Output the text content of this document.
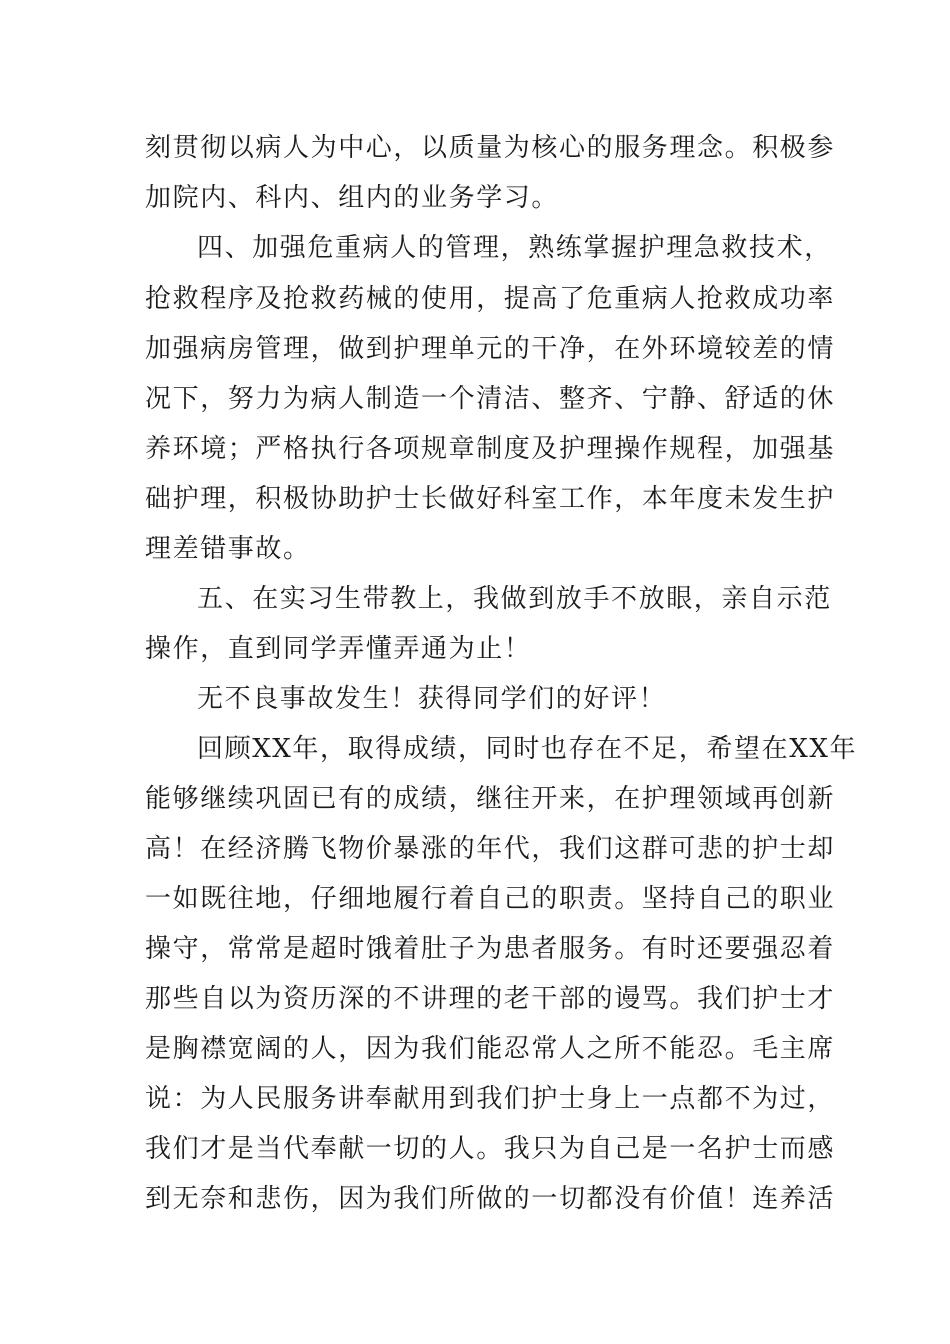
刻贯彻以病人为中心，以质量为核心的服务理念。积极参
加院内、科内、组内的业务学习。
四、加强危重病人的管理，熟练掌握护理急救技术，
抢救程序及抢救药械的使用，提高了危重病人抢救成功率
加强病房管理，做到护理单元的干净，在外环境较差的情
况下，努力为病人制造一个清洁、整齐、宁静、舒适的休
养环境；严格执行各项规章制度及护理操作规程，加强基
础护理，积极协助护士长做好科室工作，本年度未发生护
理差错事故。
五、在实习生带教上，我做到放手不放眼，亲自示范
操作，直到同学弄懂弄通为止！
无不良事故发生！获得同学们的好评！
回顾XX年，取得成绩，同时也存在不足，希望在XX年
能够继续巩固已有的成绩，继往开来，在护理领域再创新
高！在经济腾飞物价暴涨的年代，我们这群可悲的护士却
一如既往地，仔细地履行着自己的职责。坚持自己的职业
操守，常常是超时饿着肚子为患者服务。有时还要强忍着
那些自以为资历深的不讲理的老干部的谩骂。我们护士才
是胸襟宽阔的人，因为我们能忍常人之所不能忍。毛主席
说：为人民服务讲奉献用到我们护士身上一点都不为过，
我们才是当代奉献一切的人。我只为自己是一名护士而感
到无奈和悲伤，因为我们所做的一切都没有价值！连养活
